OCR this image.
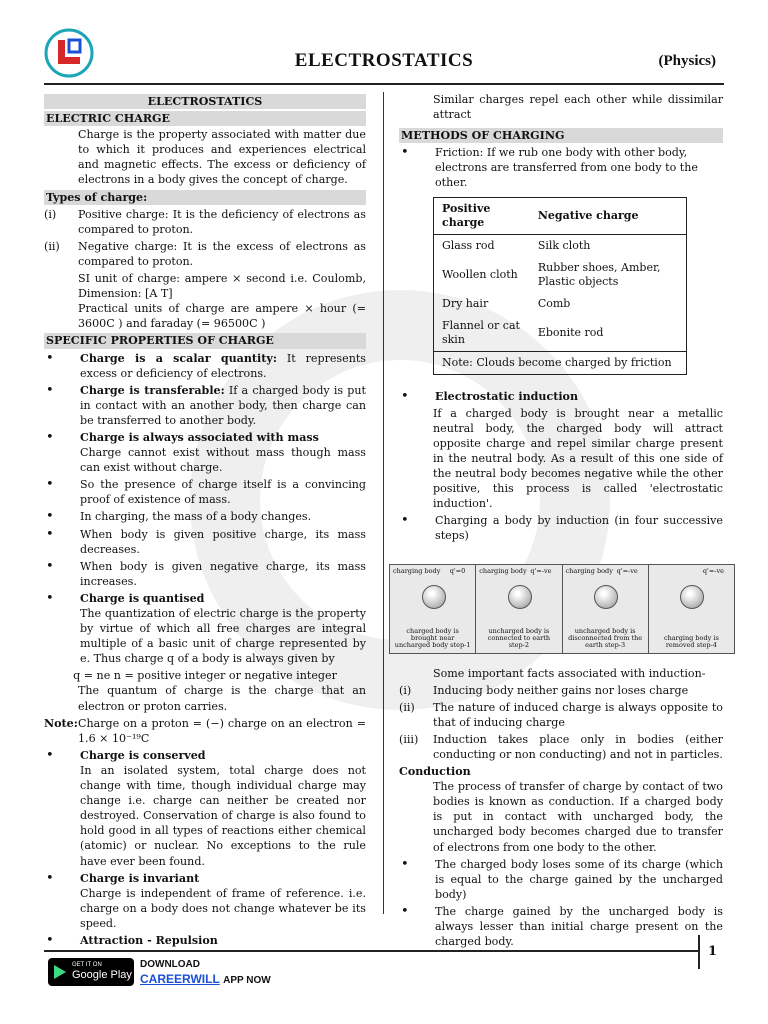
ELECTROSTATICS	(Physics)
ELECTROSTATICS
ELECTRIC CHARGE
Charge is the property associated with matter due to which it produces and experiences electrical and magnetic effects. The excess or deficiency of electrons in a body gives the concept of charge.
Types of charge:
(i)	Positive charge: It is the deficiency of electrons as compared to proton.
(ii)	Negative charge: It is the excess of electrons as compared to proton.
SI unit of charge: ampere × second i.e. Coulomb, Dimension: [A T]
Practical units of charge are ampere × hour (= 3600C ) and faraday (= 96500C )
SPECIFIC PROPERTIES OF CHARGE
•	Charge is a scalar quantity: It represents excess or deficiency of electrons.
•	Charge is transferable: If a charged body is put in contact with an another body, then charge can be transferred to another body.
•	Charge is always associated with mass
Charge cannot exist without mass though mass can exist without charge.
•	So the presence of charge itself is a convincing proof of existence of mass.
•	In charging, the mass of a body changes.
•	When body is given positive charge, its mass decreases.
•	When body is given negative charge, its mass increases.
•	Charge is quantised
The quantization of electric charge is the property by virtue of which all free charges are integral multiple of a basic unit of charge represented by e. Thus charge q of a body is always given by
q = ne n = positive integer or negative integer
The quantum of charge is the charge that an electron or proton carries.
Note: Charge on a proton = (−) charge on an electron = 1.6 × 10⁻¹⁹C
•	Charge is conserved
In an isolated system, total charge does not change with time, though individual charge may change i.e. charge can neither be created nor destroyed. Conservation of charge is also found to hold good in all types of reactions either chemical (atomic) or nuclear. No exceptions to the rule have ever been found.
•	Charge is invariant
Charge is independent of frame of reference. i.e. charge on a body does not change whatever be its speed.
•	Attraction - Repulsion
Similar charges repel each other while dissimilar attract
METHODS OF CHARGING
•	Friction: If we rub one body with other body, electrons are transferred from one body to the other.
Positive charge	Negative charge
Glass rod	Silk cloth
Woollen cloth	Rubber shoes, Amber, Plastic objects
Dry hair	Comb
Flannel or cat skin	Ebonite rod
Note: Clouds become charged by friction	
•	Electrostatic induction
If a charged body is brought near a metallic neutral body, the charged body will attract opposite charge and repel similar charge present in the neutral body. As a result of this one side of the neutral body becomes negative while the other positive, this process is called 'electrostatic induction'.
•	Charging a body by induction (in four successive steps)
charging body q'=0
charged body is brought near uncharged body step-1
charging body q'=-ve
uncharged body is connected to earth step-2
charging body q'=-ve
uncharged body is disconnected from the earth step-3
q'=-ve
charging body is removed step-4
Some important facts associated with induction-
(i)	Inducing body neither gains nor loses charge
(ii)	The nature of induced charge is always opposite to that of inducing charge
(iii)	Induction takes place only in bodies (either conducting or non conducting) and not in particles.
Conduction
The process of transfer of charge by contact of two bodies is known as conduction. If a charged body is put in contact with uncharged body, the uncharged body becomes charged due to transfer of electrons from one body to the other.
•	The charged body loses some of its charge (which is equal to the charge gained by the uncharged body)
•	The charge gained by the uncharged body is always lesser than initial charge present on the charged body.
1
GET IT ON
Google Play
DOWNLOAD
CAREERWILL APP NOW
